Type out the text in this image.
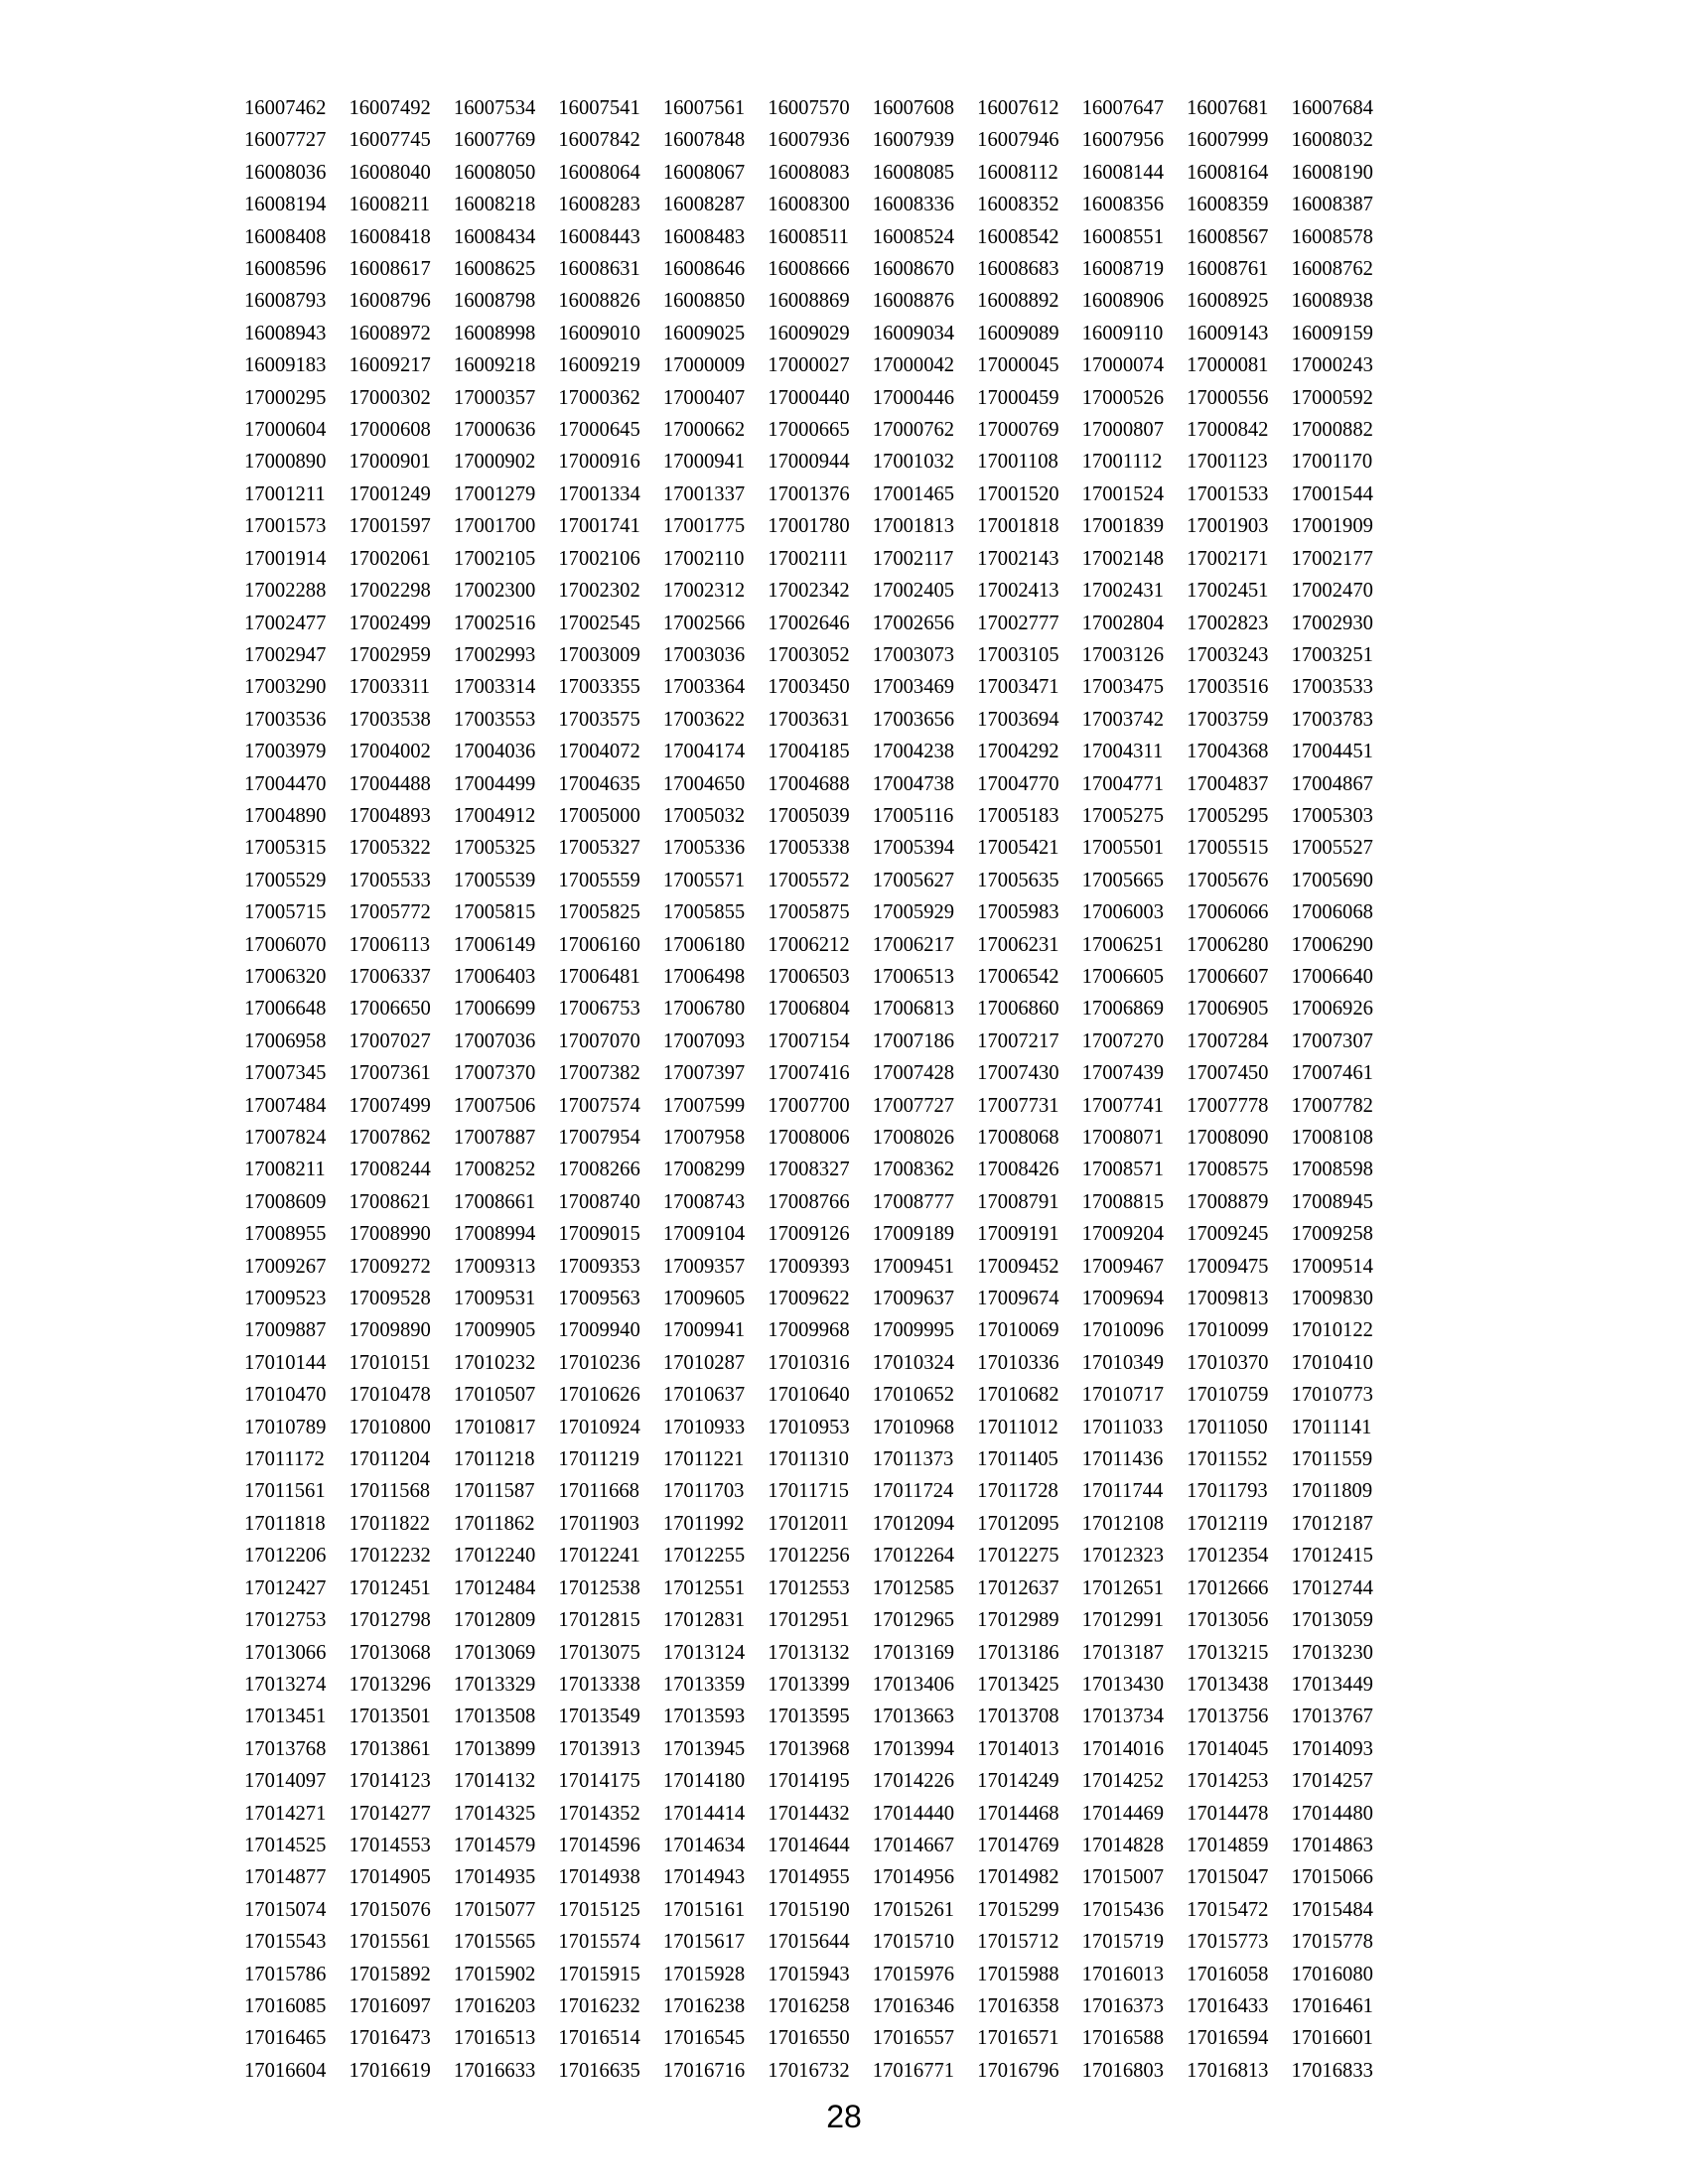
16007462	16007492	16007534	16007541	16007561	16007570	16007608	16007612	16007647	16007681	16007684
16007727	16007745	16007769	16007842	16007848	16007936	16007939	16007946	16007956	16007999	16008032
16008036	16008040	16008050	16008064	16008067	16008083	16008085	16008112	16008144	16008164	16008190
16008194	16008211	16008218	16008283	16008287	16008300	16008336	16008352	16008356	16008359	16008387
16008408	16008418	16008434	16008443	16008483	16008511	16008524	16008542	16008551	16008567	16008578
16008596	16008617	16008625	16008631	16008646	16008666	16008670	16008683	16008719	16008761	16008762
16008793	16008796	16008798	16008826	16008850	16008869	16008876	16008892	16008906	16008925	16008938
16008943	16008972	16008998	16009010	16009025	16009029	16009034	16009089	16009110	16009143	16009159
16009183	16009217	16009218	16009219	17000009	17000027	17000042	17000045	17000074	17000081	17000243
17000295	17000302	17000357	17000362	17000407	17000440	17000446	17000459	17000526	17000556	17000592
17000604	17000608	17000636	17000645	17000662	17000665	17000762	17000769	17000807	17000842	17000882
17000890	17000901	17000902	17000916	17000941	17000944	17001032	17001108	17001112	17001123	17001170
17001211	17001249	17001279	17001334	17001337	17001376	17001465	17001520	17001524	17001533	17001544
17001573	17001597	17001700	17001741	17001775	17001780	17001813	17001818	17001839	17001903	17001909
17001914	17002061	17002105	17002106	17002110	17002111	17002117	17002143	17002148	17002171	17002177
17002288	17002298	17002300	17002302	17002312	17002342	17002405	17002413	17002431	17002451	17002470
17002477	17002499	17002516	17002545	17002566	17002646	17002656	17002777	17002804	17002823	17002930
17002947	17002959	17002993	17003009	17003036	17003052	17003073	17003105	17003126	17003243	17003251
17003290	17003311	17003314	17003355	17003364	17003450	17003469	17003471	17003475	17003516	17003533
17003536	17003538	17003553	17003575	17003622	17003631	17003656	17003694	17003742	17003759	17003783
17003979	17004002	17004036	17004072	17004174	17004185	17004238	17004292	17004311	17004368	17004451
17004470	17004488	17004499	17004635	17004650	17004688	17004738	17004770	17004771	17004837	17004867
17004890	17004893	17004912	17005000	17005032	17005039	17005116	17005183	17005275	17005295	17005303
17005315	17005322	17005325	17005327	17005336	17005338	17005394	17005421	17005501	17005515	17005527
17005529	17005533	17005539	17005559	17005571	17005572	17005627	17005635	17005665	17005676	17005690
17005715	17005772	17005815	17005825	17005855	17005875	17005929	17005983	17006003	17006066	17006068
17006070	17006113	17006149	17006160	17006180	17006212	17006217	17006231	17006251	17006280	17006290
17006320	17006337	17006403	17006481	17006498	17006503	17006513	17006542	17006605	17006607	17006640
17006648	17006650	17006699	17006753	17006780	17006804	17006813	17006860	17006869	17006905	17006926
17006958	17007027	17007036	17007070	17007093	17007154	17007186	17007217	17007270	17007284	17007307
17007345	17007361	17007370	17007382	17007397	17007416	17007428	17007430	17007439	17007450	17007461
17007484	17007499	17007506	17007574	17007599	17007700	17007727	17007731	17007741	17007778	17007782
17007824	17007862	17007887	17007954	17007958	17008006	17008026	17008068	17008071	17008090	17008108
17008211	17008244	17008252	17008266	17008299	17008327	17008362	17008426	17008571	17008575	17008598
17008609	17008621	17008661	17008740	17008743	17008766	17008777	17008791	17008815	17008879	17008945
17008955	17008990	17008994	17009015	17009104	17009126	17009189	17009191	17009204	17009245	17009258
17009267	17009272	17009313	17009353	17009357	17009393	17009451	17009452	17009467	17009475	17009514
17009523	17009528	17009531	17009563	17009605	17009622	17009637	17009674	17009694	17009813	17009830
17009887	17009890	17009905	17009940	17009941	17009968	17009995	17010069	17010096	17010099	17010122
17010144	17010151	17010232	17010236	17010287	17010316	17010324	17010336	17010349	17010370	17010410
17010470	17010478	17010507	17010626	17010637	17010640	17010652	17010682	17010717	17010759	17010773
17010789	17010800	17010817	17010924	17010933	17010953	17010968	17011012	17011033	17011050	17011141
17011172	17011204	17011218	17011219	17011221	17011310	17011373	17011405	17011436	17011552	17011559
17011561	17011568	17011587	17011668	17011703	17011715	17011724	17011728	17011744	17011793	17011809
17011818	17011822	17011862	17011903	17011992	17012011	17012094	17012095	17012108	17012119	17012187
17012206	17012232	17012240	17012241	17012255	17012256	17012264	17012275	17012323	17012354	17012415
17012427	17012451	17012484	17012538	17012551	17012553	17012585	17012637	17012651	17012666	17012744
17012753	17012798	17012809	17012815	17012831	17012951	17012965	17012989	17012991	17013056	17013059
17013066	17013068	17013069	17013075	17013124	17013132	17013169	17013186	17013187	17013215	17013230
17013274	17013296	17013329	17013338	17013359	17013399	17013406	17013425	17013430	17013438	17013449
17013451	17013501	17013508	17013549	17013593	17013595	17013663	17013708	17013734	17013756	17013767
17013768	17013861	17013899	17013913	17013945	17013968	17013994	17014013	17014016	17014045	17014093
17014097	17014123	17014132	17014175	17014180	17014195	17014226	17014249	17014252	17014253	17014257
17014271	17014277	17014325	17014352	17014414	17014432	17014440	17014468	17014469	17014478	17014480
17014525	17014553	17014579	17014596	17014634	17014644	17014667	17014769	17014828	17014859	17014863
17014877	17014905	17014935	17014938	17014943	17014955	17014956	17014982	17015007	17015047	17015066
17015074	17015076	17015077	17015125	17015161	17015190	17015261	17015299	17015436	17015472	17015484
17015543	17015561	17015565	17015574	17015617	17015644	17015710	17015712	17015719	17015773	17015778
17015786	17015892	17015902	17015915	17015928	17015943	17015976	17015988	17016013	17016058	17016080
17016085	17016097	17016203	17016232	17016238	17016258	17016346	17016358	17016373	17016433	17016461
17016465	17016473	17016513	17016514	17016545	17016550	17016557	17016571	17016588	17016594	17016601
17016604	17016619	17016633	17016635	17016716	17016732	17016771	17016796	17016803	17016813	17016833
28
